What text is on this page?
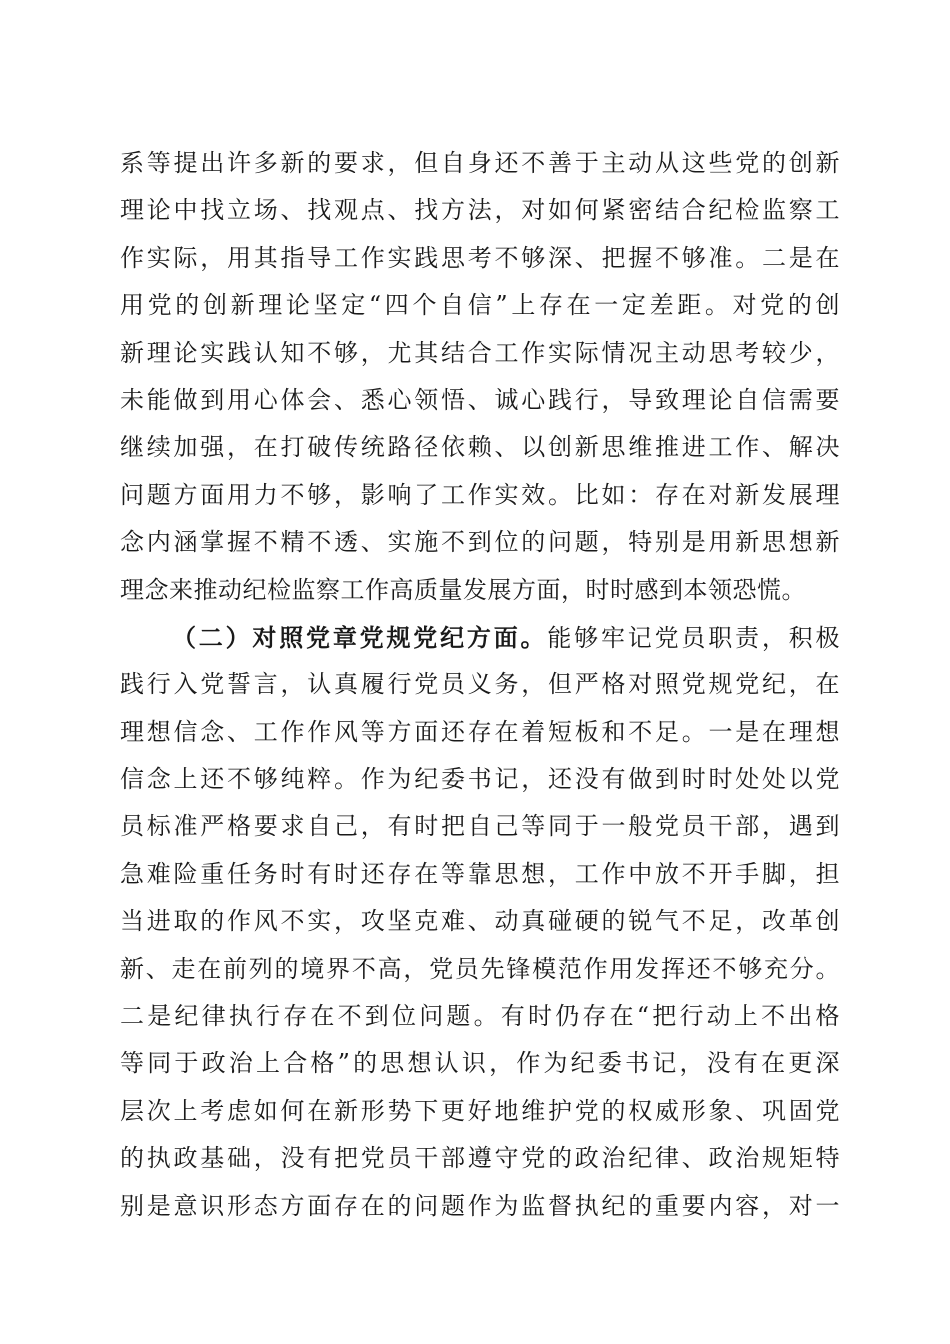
系等提出许多新的要求，但自身还不善于主动从这些党的创新
理论中找立场、找观点、找方法，对如何紧密结合纪检监察工
作实际，用其指导工作实践思考不够深、把握不够准。二是在
用党的创新理论坚定“四个自信”上存在一定差距。对党的创
新理论实践认知不够，尤其结合工作实际情况主动思考较少，
未能做到用心体会、悉心领悟、诚心践行，导致理论自信需要
继续加强，在打破传统路径依赖、以创新思维推进工作、解决
问题方面用力不够，影响了工作实效。比如：存在对新发展理
念内涵掌握不精不透、实施不到位的问题，特别是用新思想新
理念来推动纪检监察工作高质量发展方面，时时感到本领恐慌。
（二）对照党章党规党纪方面。能够牢记党员职责，积极
践行入党誓言，认真履行党员义务，但严格对照党规党纪，在
理想信念、工作作风等方面还存在着短板和不足。一是在理想
信念上还不够纯粹。作为纪委书记，还没有做到时时处处以党
员标准严格要求自己，有时把自己等同于一般党员干部，遇到
急难险重任务时有时还存在等靠思想，工作中放不开手脚，担
当进取的作风不实，攻坚克难、动真碰硬的锐气不足，改革创
新、走在前列的境界不高，党员先锋模范作用发挥还不够充分。
二是纪律执行存在不到位问题。有时仍存在“把行动上不出格
等同于政治上合格”的思想认识，作为纪委书记，没有在更深
层次上考虑如何在新形势下更好地维护党的权威形象、巩固党
的执政基础，没有把党员干部遵守党的政治纪律、政治规矩特
别是意识形态方面存在的问题作为监督执纪的重要内容，对一
